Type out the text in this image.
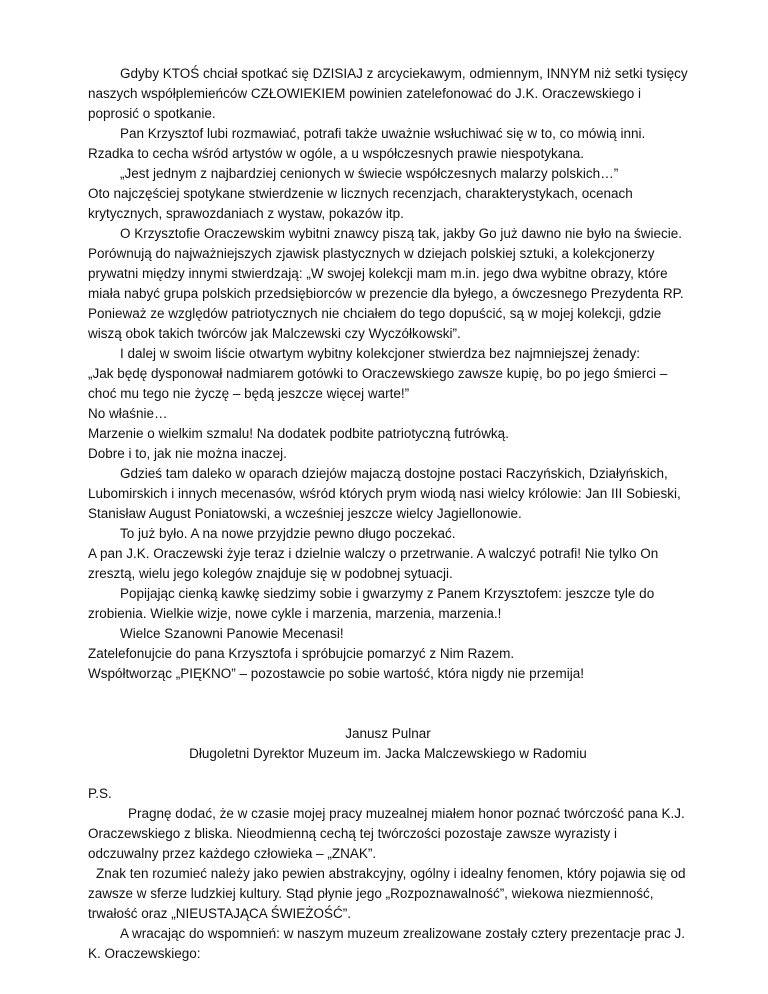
Gdyby KTOŚ chciał spotkać się DZISIAJ z arcyciekawym, odmiennym, INNYM niż setki tysięcy naszych współplemieńców CZŁOWIEKIEM powinien zatelefonować do J.K. Oraczewskiego i poprosić o spotkanie.

Pan Krzysztof lubi rozmawiać, potrafi także uważnie wsłuchiwać się w to, co mówią inni.

Rzadka to cecha wśród artystów w ogóle, a u współczesnych prawie niespotykana.

„Jest jednym z najbardziej cenionych w świecie współczesnych malarzy polskich…”

Oto najczęściej spotykane stwierdzenie w licznych recenzjach, charakterystykach, ocenach krytycznych, sprawozdaniach z wystaw, pokazów itp.

O Krzysztofie Oraczewskim wybitni znawcy piszą tak, jakby Go już dawno nie było na świecie.

Porównują do najważniejszych zjawisk plastycznych w dziejach polskiej sztuki, a kolekcjonerzy prywatni między innymi stwierdzają: „W swojej kolekcji mam m.in. jego dwa wybitne obrazy, które miała nabyć grupa polskich przedsiębiorców w prezencie dla byłego, a ówczesnego Prezydenta RP. Ponieważ ze względów patriotycznych nie chciałem do tego dopuścić, są w mojej kolekcji, gdzie wiszą obok takich twórców jak Malczewski czy Wyczółkowski”.

I dalej w swoim liście otwartym wybitny kolekcjoner stwierdza bez najmniejszej żenady:

„Jak będę dysponował nadmiarem gotówki to Oraczewskiego zawsze kupię, bo po jego śmierci – choć mu tego nie życzę – będą jeszcze więcej warte!”

No właśnie…

Marzenie o wielkim szmalu! Na dodatek podbite patriotyczną futrówką.

Dobre i to, jak nie można inaczej.

Gdzieś tam daleko w oparach dziejów majaczą dostojne postaci Raczyńskich, Działyńskich, Lubomirskich i innych mecenasów, wśród których prym wiodą nasi wielcy królowie: Jan III Sobieski, Stanisław August Poniatowski, a wcześniej jeszcze wielcy Jagiellonowie.

To już było. A na nowe przyjdzie pewno długo poczekać.

A pan J.K. Oraczewski żyje teraz i dzielnie walczy o przetrwanie. A walczyć potrafi! Nie tylko On zresztą, wielu jego kolegów znajduje się w podobnej sytuacji.

Popijając cienką kawkę siedzimy sobie i gwarzymy z Panem Krzysztofem: jeszcze tyle do zrobienia. Wielkie wizje, nowe cykle i marzenia, marzenia, marzenia.!

Wielce Szanowni Panowie Mecenasi!

Zatelefonujcie do pana Krzysztofa i spróbujcie pomarzyć z Nim Razem.

Współtworząc „PIĘKNO” – pozostawcie po sobie wartość, która nigdy nie przemija!

Janusz Pulnar

Długoletni Dyrektor Muzeum im. Jacka Malczewskiego w Radomiu

P.S.

Pragnę dodać, że w czasie mojej pracy muzealnej miałem honor poznać twórczość pana K.J. Oraczewskiego z bliska. Nieodmienną cechą tej twórczości pozostaje zawsze wyrazisty i odczuwalny przez każdego człowieka – „ZNAK”.

Znak ten rozumieć należy jako pewien abstrakcyjny, ogólny i idealny fenomen, który pojawia się od zawsze w sferze ludzkiej kultury. Stąd płynie jego „Rozpoznawalność”, wiekowa niezmienność, trwałość oraz „NIEUSTAJĄCA ŚWIEŻOŚĆ”.

A wracając do wspomnień: w naszym muzeum zrealizowane zostały cztery prezentacje prac J. K. Oraczewskiego:
